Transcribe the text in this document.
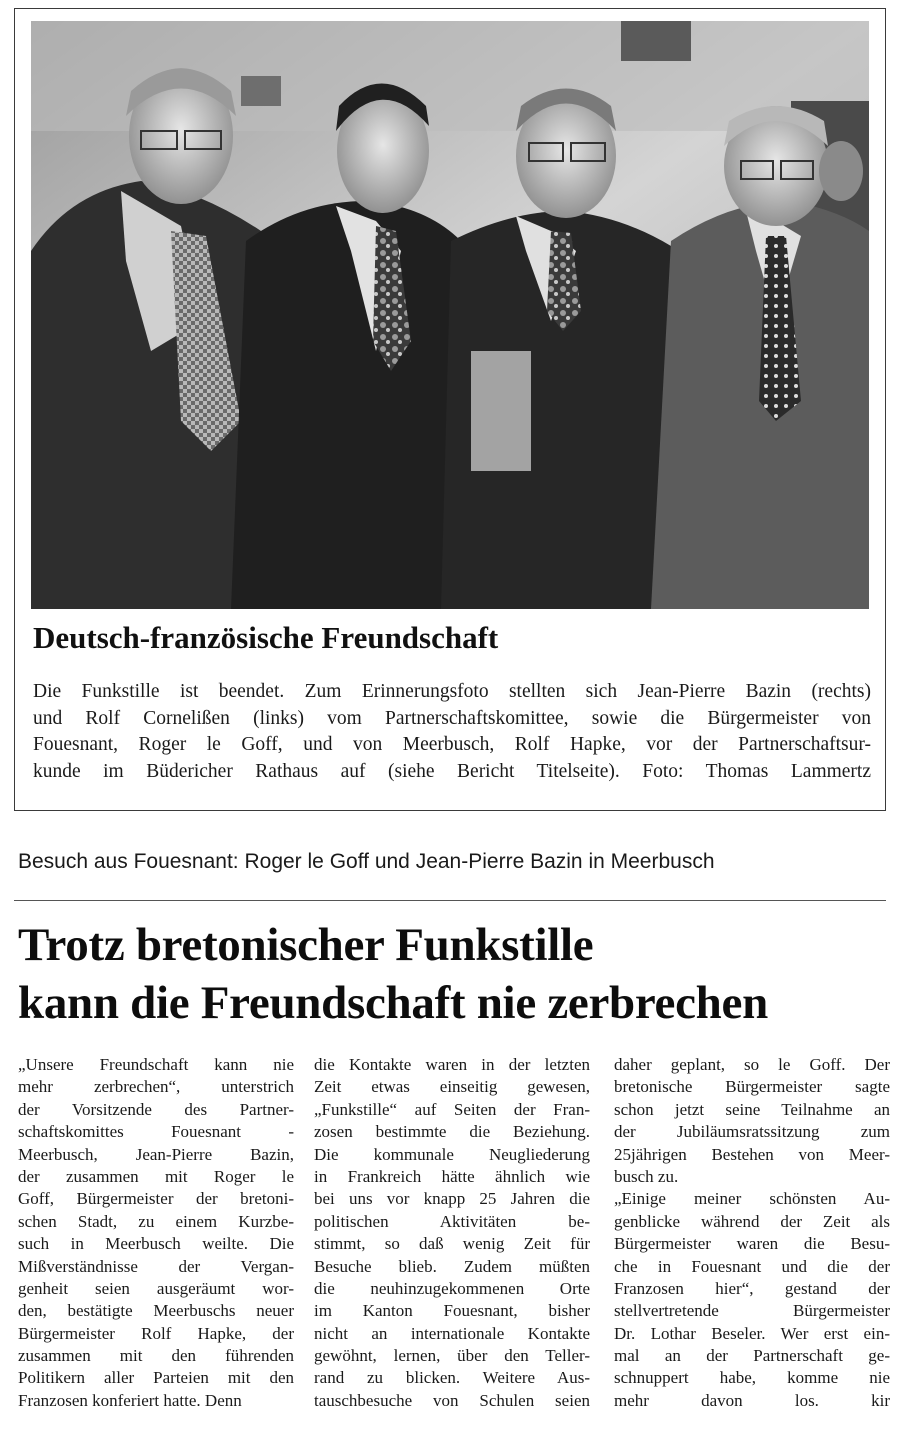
Deutsch-französische Freundschaft
Die Funkstille ist beendet. Zum Erinnerungsfoto stellten sich Jean-Pierre Bazin (rechts)
und Rolf Cornelißen (links) vom Partnerschaftskomittee, sowie die Bürgermeister von
Fouesnant, Roger le Goff, und von Meerbusch, Rolf Hapke, vor der Partnerschaftsur-
kunde im Büdericher Rathaus auf (siehe Bericht Titelseite). Foto: Thomas Lammertz
Besuch aus Fouesnant: Roger le Goff und Jean-Pierre Bazin in Meerbusch
Trotz bretonischer Funkstille
kann die Freundschaft nie zerbrechen
„Unsere Freundschaft kann nie
mehr zerbrechen“, unterstrich
der Vorsitzende des Partner-
schaftskomittes Fouesnant -
Meerbusch, Jean-Pierre Bazin,
der zusammen mit Roger le
Goff, Bürgermeister der bretoni-
schen Stadt, zu einem Kurzbe-
such in Meerbusch weilte. Die
Mißverständnisse der Vergan-
genheit seien ausgeräumt wor-
den, bestätigte Meerbuschs neuer
Bürgermeister Rolf Hapke, der
zusammen mit den führenden
Politikern aller Parteien mit den
Franzosen konferiert hatte. Denn
die Kontakte waren in der letzten
Zeit etwas einseitig gewesen,
„Funkstille“ auf Seiten der Fran-
zosen bestimmte die Beziehung.
Die kommunale Neugliederung
in Frankreich hätte ähnlich wie
bei uns vor knapp 25 Jahren die
politischen Aktivitäten be-
stimmt, so daß wenig Zeit für
Besuche blieb. Zudem müßten
die neuhinzugekommenen Orte
im Kanton Fouesnant, bisher
nicht an internationale Kontakte
gewöhnt, lernen, über den Teller-
rand zu blicken. Weitere Aus-
tauschbesuche von Schulen seien
daher geplant, so le Goff. Der
bretonische Bürgermeister sagte
schon jetzt seine Teilnahme an
der Jubiläumsratssitzung zum
25jährigen Bestehen von Meer-
busch zu.
„Einige meiner schönsten Au-
genblicke während der Zeit als
Bürgermeister waren die Besu-
che in Fouesnant und die der
Franzosen hier“, gestand der
stellvertretende Bürgermeister
Dr. Lothar Beseler. Wer erst ein-
mal an der Partnerschaft ge-
schnuppert habe, komme nie
mehr davon los. kir
